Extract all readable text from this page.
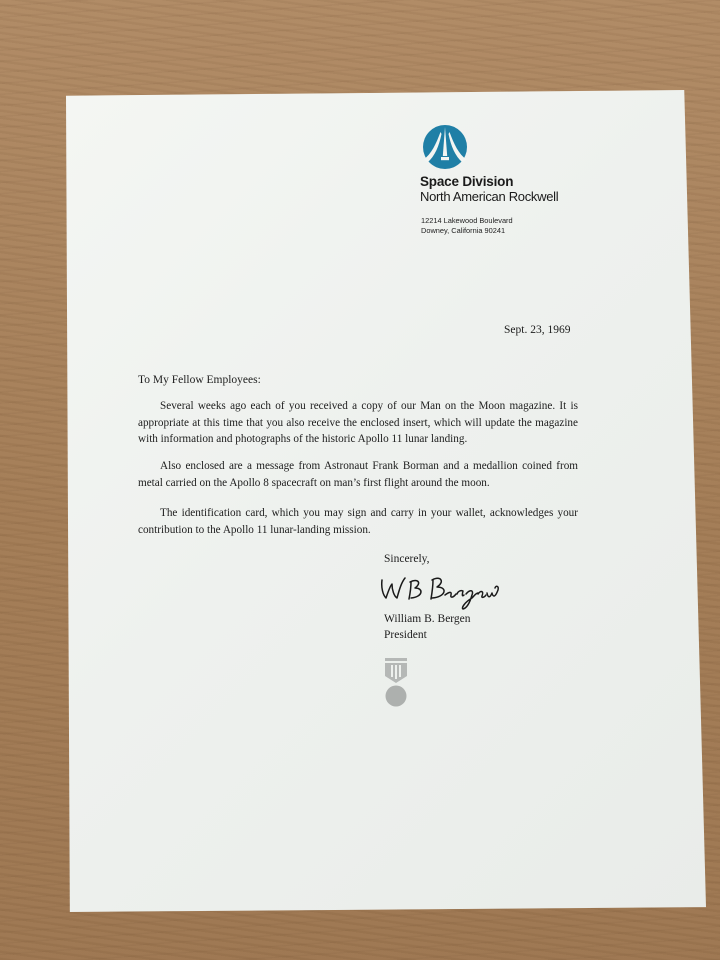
Space Division
North American Rockwell
12214 Lakewood Boulevard
Downey, California 90241
Sept. 23, 1969
To My Fellow Employees:

Several weeks ago each of you received a copy of our Man on the Moon magazine. It is appropriate at this time that you also receive the enclosed insert, which will update the magazine with information and photographs of the historic Apollo 11 lunar landing.

Also enclosed are a message from Astronaut Frank Borman and a medallion coined from metal carried on the Apollo 8 spacecraft on man’s first flight around the moon.

The identification card, which you may sign and carry in your wallet, acknowledges your contribution to the Apollo 11 lunar-landing mission.

Sincerely,
William B. Bergen
President
